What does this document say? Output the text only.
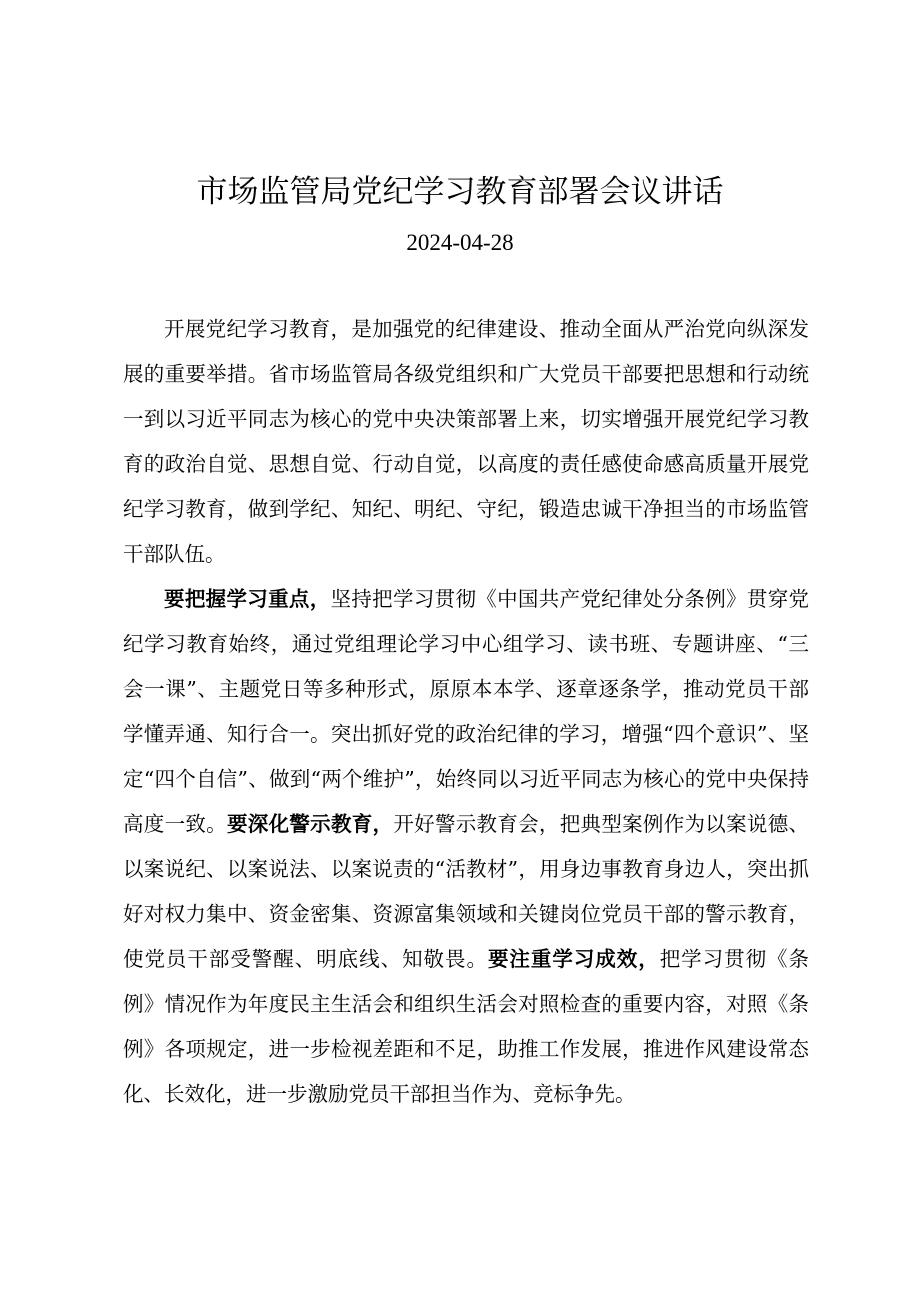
市场监管局党纪学习教育部署会议讲话
2024-04-28

开展党纪学习教育，是加强党的纪律建设、推动全面从严治党向纵深发展的重要举措。省市场监管局各级党组织和广大党员干部要把思想和行动统一到以习近平同志为核心的党中央决策部署上来，切实增强开展党纪学习教育的政治自觉、思想自觉、行动自觉，以高度的责任感使命感高质量开展党纪学习教育，做到学纪、知纪、明纪、守纪，锻造忠诚干净担当的市场监管干部队伍。

要把握学习重点，坚持把学习贯彻《中国共产党纪律处分条例》贯穿党纪学习教育始终，通过党组理论学习中心组学习、读书班、专题讲座、“三会一课”、主题党日等多种形式，原原本本学、逐章逐条学，推动党员干部学懂弄通、知行合一。突出抓好党的政治纪律的学习，增强“四个意识”、坚定“四个自信”、做到“两个维护”，始终同以习近平同志为核心的党中央保持高度一致。要深化警示教育，开好警示教育会，把典型案例作为以案说德、以案说纪、以案说法、以案说责的“活教材”，用身边事教育身边人，突出抓好对权力集中、资金密集、资源富集领域和关键岗位党员干部的警示教育，使党员干部受警醒、明底线、知敬畏。要注重学习成效，把学习贯彻《条例》情况作为年度民主生活会和组织生活会对照检查的重要内容，对照《条例》各项规定，进一步检视差距和不足，助推工作发展，推进作风建设常态化、长效化，进一步激励党员干部担当作为、竞标争先。
